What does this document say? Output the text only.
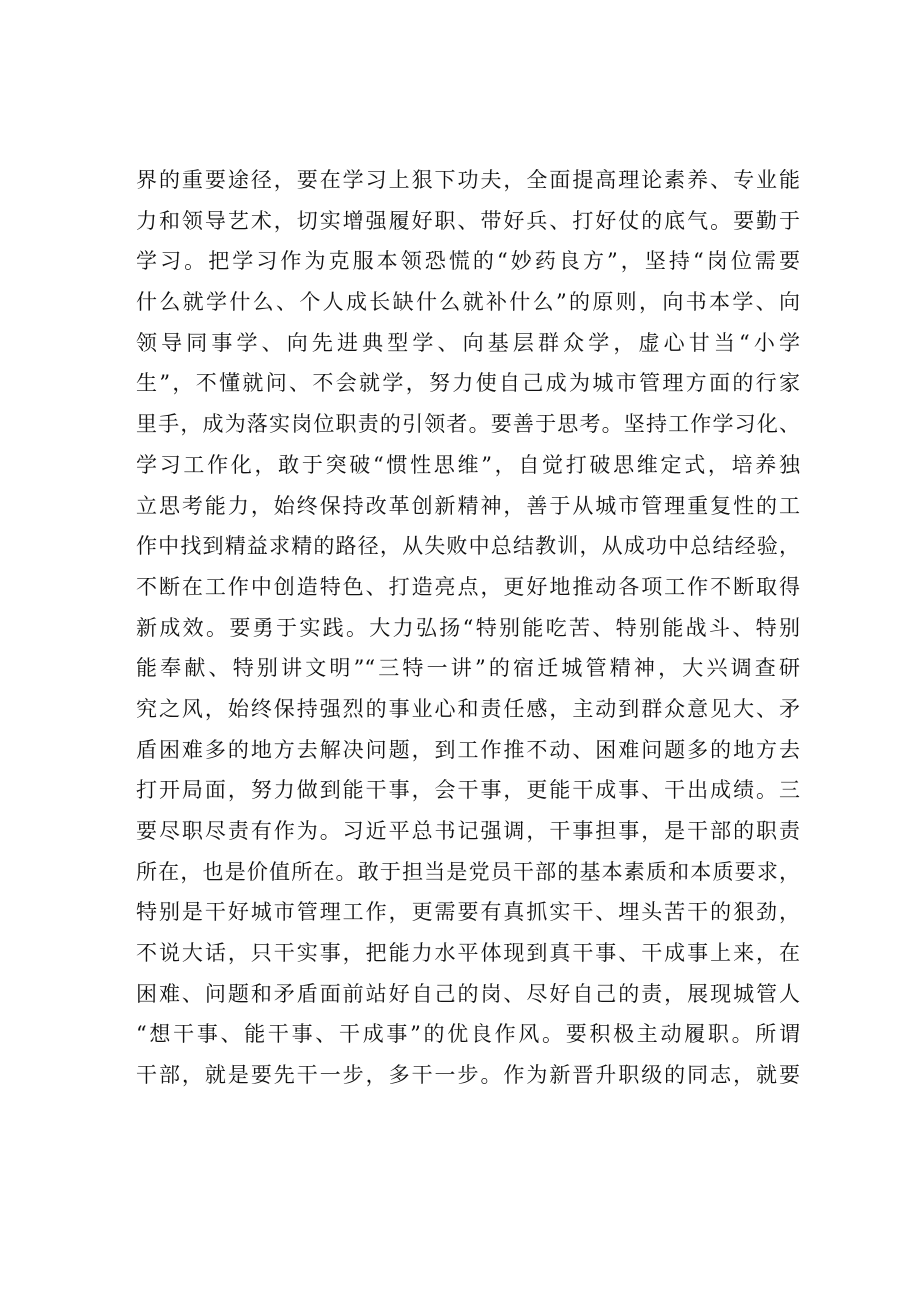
界的重要途径，要在学习上狠下功夫，全面提高理论素养、专业能
力和领导艺术，切实增强履好职、带好兵、打好仗的底气。要勤于
学习。把学习作为克服本领恐慌的“妙药良方”，坚持“岗位需要
什么就学什么、个人成长缺什么就补什么”的原则，向书本学、向
领导同事学、向先进典型学、向基层群众学，虚心甘当“小学
生”，不懂就问、不会就学，努力使自己成为城市管理方面的行家
里手，成为落实岗位职责的引领者。要善于思考。坚持工作学习化、
学习工作化，敢于突破“惯性思维”，自觉打破思维定式，培养独
立思考能力，始终保持改革创新精神，善于从城市管理重复性的工
作中找到精益求精的路径，从失败中总结教训，从成功中总结经验，
不断在工作中创造特色、打造亮点，更好地推动各项工作不断取得
新成效。要勇于实践。大力弘扬“特别能吃苦、特别能战斗、特别
能奉献、特别讲文明”“三特一讲”的宿迁城管精神，大兴调查研
究之风，始终保持强烈的事业心和责任感，主动到群众意见大、矛
盾困难多的地方去解决问题，到工作推不动、困难问题多的地方去
打开局面，努力做到能干事，会干事，更能干成事、干出成绩。三
要尽职尽责有作为。习近平总书记强调，干事担事，是干部的职责
所在，也是价值所在。敢于担当是党员干部的基本素质和本质要求，
特别是干好城市管理工作，更需要有真抓实干、埋头苦干的狠劲，
不说大话，只干实事，把能力水平体现到真干事、干成事上来，在
困难、问题和矛盾面前站好自己的岗、尽好自己的责，展现城管人
“想干事、能干事、干成事”的优良作风。要积极主动履职。所谓
干部，就是要先干一步，多干一步。作为新晋升职级的同志，就要
